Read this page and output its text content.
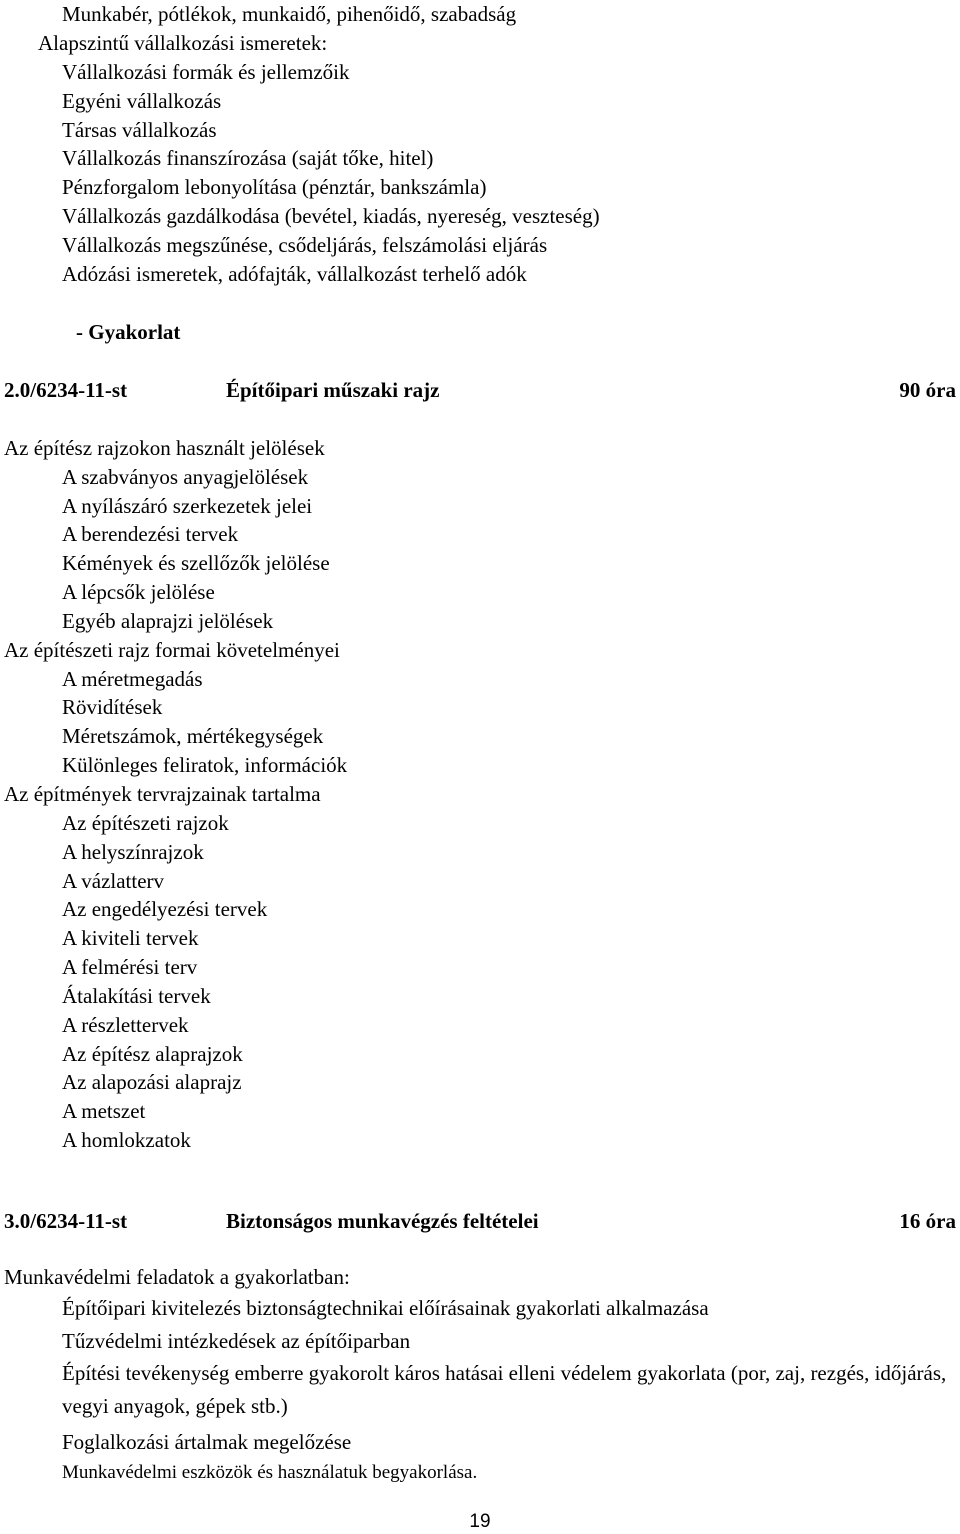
Munkabér, pótlékok, munkaidő, pihenőidő, szabadság
Alapszintű vállalkozási ismeretek:
Vállalkozási formák és jellemzőik
Egyéni vállalkozás
Társas vállalkozás
Vállalkozás finanszírozása (saját tőke, hitel)
Pénzforgalom lebonyolítása (pénztár, bankszámla)
Vállalkozás gazdálkodása (bevétel, kiadás, nyereség, veszteség)
Vállalkozás megszűnése, csődeljárás, felszámolási eljárás
Adózási ismeretek, adófajták, vállalkozást terhelő adók
- Gyakorlat
2.0/6234-11-st	Építőipari műszaki rajz	90 óra
Az építész rajzokon használt jelölések
A szabványos anyagjelölések
A nyílászáró szerkezetek jelei
A berendezési tervek
Kémények és szellőzők jelölése
A lépcsők jelölése
Egyéb alaprajzi jelölések
Az építészeti rajz formai követelményei
A méretmegadás
Rövidítések
Méretszámok, mértékegységek
Különleges feliratok, információk
Az építmények tervrajzainak tartalma
Az építészeti rajzok
A helyszínrajzok
A vázlatterv
Az engedélyezési tervek
A kiviteli tervek
A felmérési terv
Átalakítási tervek
A részlettervek
Az építész alaprajzok
Az alapozási alaprajz
A metszet
A homlokzatok
3.0/6234-11-st	Biztonságos munkavégzés feltételei	16 óra
Munkavédelmi feladatok a gyakorlatban:
Építőipari kivitelezés biztonságtechnikai előírásainak gyakorlati alkalmazása
Tűzvédelmi intézkedések az építőiparban
Építési tevékenység emberre gyakorolt káros hatásai elleni védelem gyakorlata (por, zaj, rezgés, időjárás, vegyi anyagok, gépek stb.)
Foglalkozási ártalmak megelőzése
Munkavédelmi eszközök és használatuk begyakorlása.
19
